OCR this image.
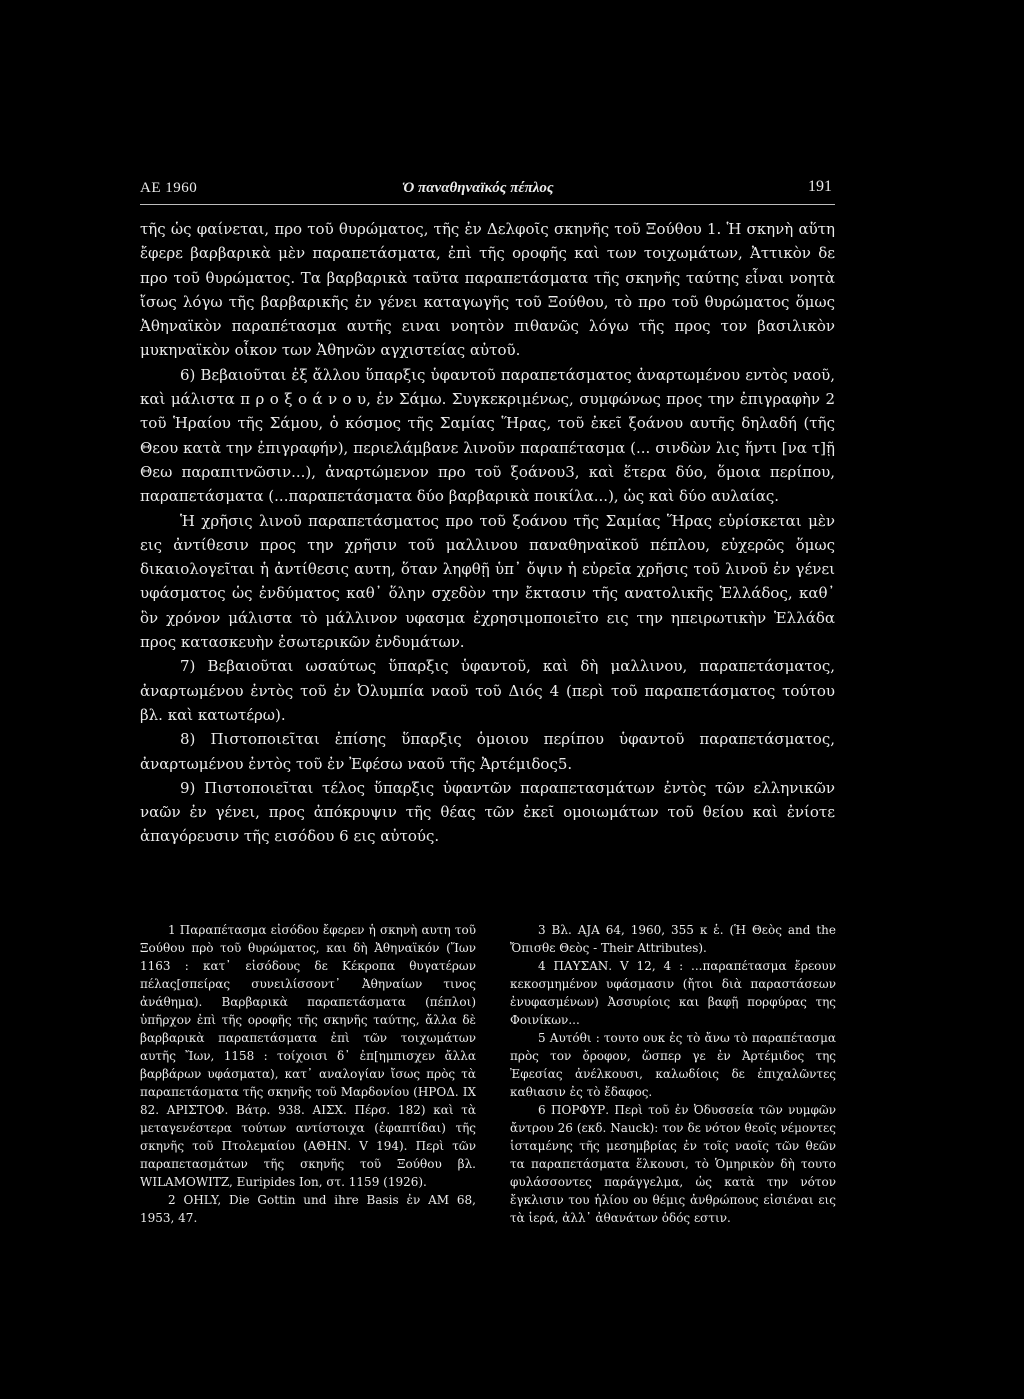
AE 1960	Ὁ παναθηναϊκός πέπλος	191

τῆς ὡς φαίνεται, προ τοῦ θυρώματος, τῆς ἐν Δελφοῖς σκηνῆς τοῦ Ξούθου 1. Ἡ σκηνὴ αὕτη ἔφερε βαρβαρικὰ μὲν παραπετάσματα, ἐπὶ τῆς οροφῆς καὶ των τοιχωμάτων, Ἀττικὸν δε προ τοῦ θυρώματος. Τα βαρβαρικὰ ταῦτα παραπετάσματα τῆς σκηνῆς ταύτης εἶναι νοητὰ ἴσως λόγω τῆς βαρβαρικῆς ἐν γένει καταγωγῆς τοῦ Ξούθου, τὸ προ τοῦ θυρώματος ὅμως Ἀθηναϊκὸν παραπέτασμα αυτῆς ειναι νοητὸν πιθανῶς λόγω τῆς προς τον βασιλικὸν μυκηναϊκὸν οἶκον των Ἀθηνῶν αγχιστείας αὐτοῦ.

6) Βεβαιοῦται ἐξ ἄλλου ὕπαρξις ὑφαντοῦ παραπετάσματος ἀναρτωμένου εντὸς ναοῦ, καὶ μάλιστα π ρ ο ξ ο ά ν ο υ, ἐν Σάμω. Συγκεκριμένως, συμφώνως προς την ἐπιγραφὴν 2 τοῦ Ἡραίου τῆς Σάμου, ὁ κόσμος τῆς Σαμίας Ἥρας, τοῦ ἐκεῖ ξοάνου αυτῆς δηλαδή (τῆς Θεου κατὰ την ἐπιγραφήν), περιελάμβανε λινοῦν παραπέτασμα (... σινδὼν λις ἥντι [να τ]ῇ Θεω παραπιτνῶσιν...), ἀναρτώμενον προ τοῦ ξοάνου3, καὶ ἕτερα δύο, ὅμοια περίπου, παραπετάσματα (...παραπετάσματα δύο βαρβαρικὰ ποικίλα...), ὡς καὶ δύο αυλαίας.

Ἡ χρῆσις λινοῦ παραπετάσματος προ τοῦ ξοάνου τῆς Σαμίας Ἥρας εὑρίσκεται μὲν εις ἀντίθεσιν προς την χρῆσιν τοῦ μαλλινου παναθηναϊκοῦ πέπλου, εὐχερῶς ὅμως δικαιολογεῖται ἡ ἀντίθεσις αυτη, ὅταν ληφθῇ ὑπ᾽ ὄψιν ἡ εὐρεῖα χρῆσις τοῦ λινοῦ ἐν γένει υφάσματος ὡς ἐνδύματος καθ᾽ ὅλην σχεδὸν την ἔκτασιν τῆς ανατολικῆς Ἑλλάδος, καθ᾽ ὃν χρόνον μάλιστα τὸ μάλλινον υφασμα ἐχρησιμοποιεῖτο εις την ηπειρωτικὴν Ἑλλάδα προς κατασκευὴν ἐσωτερικῶν ἐνδυμάτων.

7) Βεβαιοῦται ωσαύτως ὕπαρξις ὑφαντοῦ, καὶ δὴ μαλλινου, παραπετάσματος, ἀναρτωμένου ἐντὸς τοῦ ἐν Ὀλυμπία ναοῦ τοῦ Διός 4 (περὶ τοῦ παραπετάσματος τούτου βλ. καὶ κατωτέρω).

8) Πιστοποιεῖται ἐπίσης ὕπαρξις ὁμοιου περίπου ὑφαντοῦ παραπετάσματος, ἀναρτωμένου ἐντὸς τοῦ ἐν Ἐφέσω ναοῦ τῆς Ἀρτέμιδος5.

9) Πιστοποιεῖται τέλος ὕπαρξις ὑφαντῶν παραπετασμάτων ἐντὸς τῶν ελληνικῶν ναῶν ἐν γένει, προς ἀπόκρυψιν τῆς θέας τῶν ἐκεῖ ομοιωμάτων τοῦ θείου καὶ ἐνίοτε ἀπαγόρευσιν τῆς εισόδου 6 εις αὐτούς.

1 Παραπέτασμα εἰσόδου ἔφερεν ἡ σκηνὴ αυτη τοῦ Ξούθου πρὸ τοῦ θυρώματος, και δὴ Ἀθηναϊκόν (Ἴων 1163 : κατ᾽ εἰσόδους δε Κέκροπα θυγατέρων πέλας[σπείρας συνειλίσσοντ᾽ Ἀθηναίων τινος ἀνάθημα). Βαρβαρικὰ παραπετάσματα (πέπλοι) ὑπῆρχον ἐπὶ τῆς οροφῆς τῆς σκηνῆς ταύτης, ἄλλα δὲ βαρβαρικὰ παραπετάσματα ἐπὶ τῶν τοιχωμάτων αυτῆς Ἴων, 1158 : τοίχοισι δ᾽ ἐπ[ημπισχεν ἄλλα βαρβάρων υφάσματα), κατ᾽ αναλογίαν ἴσως πρὸς τὰ παραπετάσματα τῆς σκηνῆς τοῦ Μαρδονίου (ΗΡΟΔ. IX 82. ΑΡΙΣΤΟΦ. Βάτρ. 938. ΑΙΣΧ. Πέρσ. 182) καὶ τὰ μεταγενέστερα τούτων αντίστοιχα (ἐφαπτίδαι) τῆς σκηνῆς τοῦ Πτολεμαίου (ΑΘΗΝ. V 194). Περὶ τῶν παραπετασμάτων τῆς σκηνῆς τοῦ Ξούθου βλ. WILAMOWITZ, Euripides Ion, στ. 1159 (1926).

2 OHLY, Die Gottin und ihre Basis ἐν AM 68, 1953, 47.

3 Βλ. AJA 64, 1960, 355 κ ἑ. (Ἡ Θεὸς and the Ὄπισθε Θεὸς - Their Attributes).

4 ΠΑΥΣΑΝ. V 12, 4 : ...παραπέτασμα ἔρεουν κεκοσμημένον υφάσμασιν (ἤτοι διὰ παραστάσεων ἐνυφασμένων) Ἀσσυρίοις και βαφῇ πορφύρας της Φοινίκων...

5 Αυτόθι : τουτο ουκ ἐς τὸ ἄνω τὸ παραπέτασμα πρὸς τον ὄροφον, ὥσπερ γε ἐν Ἀρτέμιδος της Ἐφεσίας ἀνέλκουσι, καλωδίοις δε ἐπιχαλῶντες καθιασιν ἐς τὸ ἔδαφος.

6 ΠΟΡΦΥΡ. Περὶ τοῦ ἐν Ὀδυσσεία τῶν νυμφῶν ἄντρου 26 (εκδ. Nauck): τον δε νότον θεοῖς νέμοντες ἱσταμένης τῆς μεσημβρίας ἐν τοῖς ναοῖς τῶν θεῶν τα παραπετάσματα ἕλκουσι, τὸ Ὁμηρικὸν δὴ τουτο φυλάσσοντες παράγγελμα, ὡς κατὰ την νότον ἔγκλισιν του ἡλίου ου θέμις ἀνθρώπους εἰσιέναι εις τὰ ἱερά, ἀλλ᾽ ἀθανάτων ὁδός εστιν.
